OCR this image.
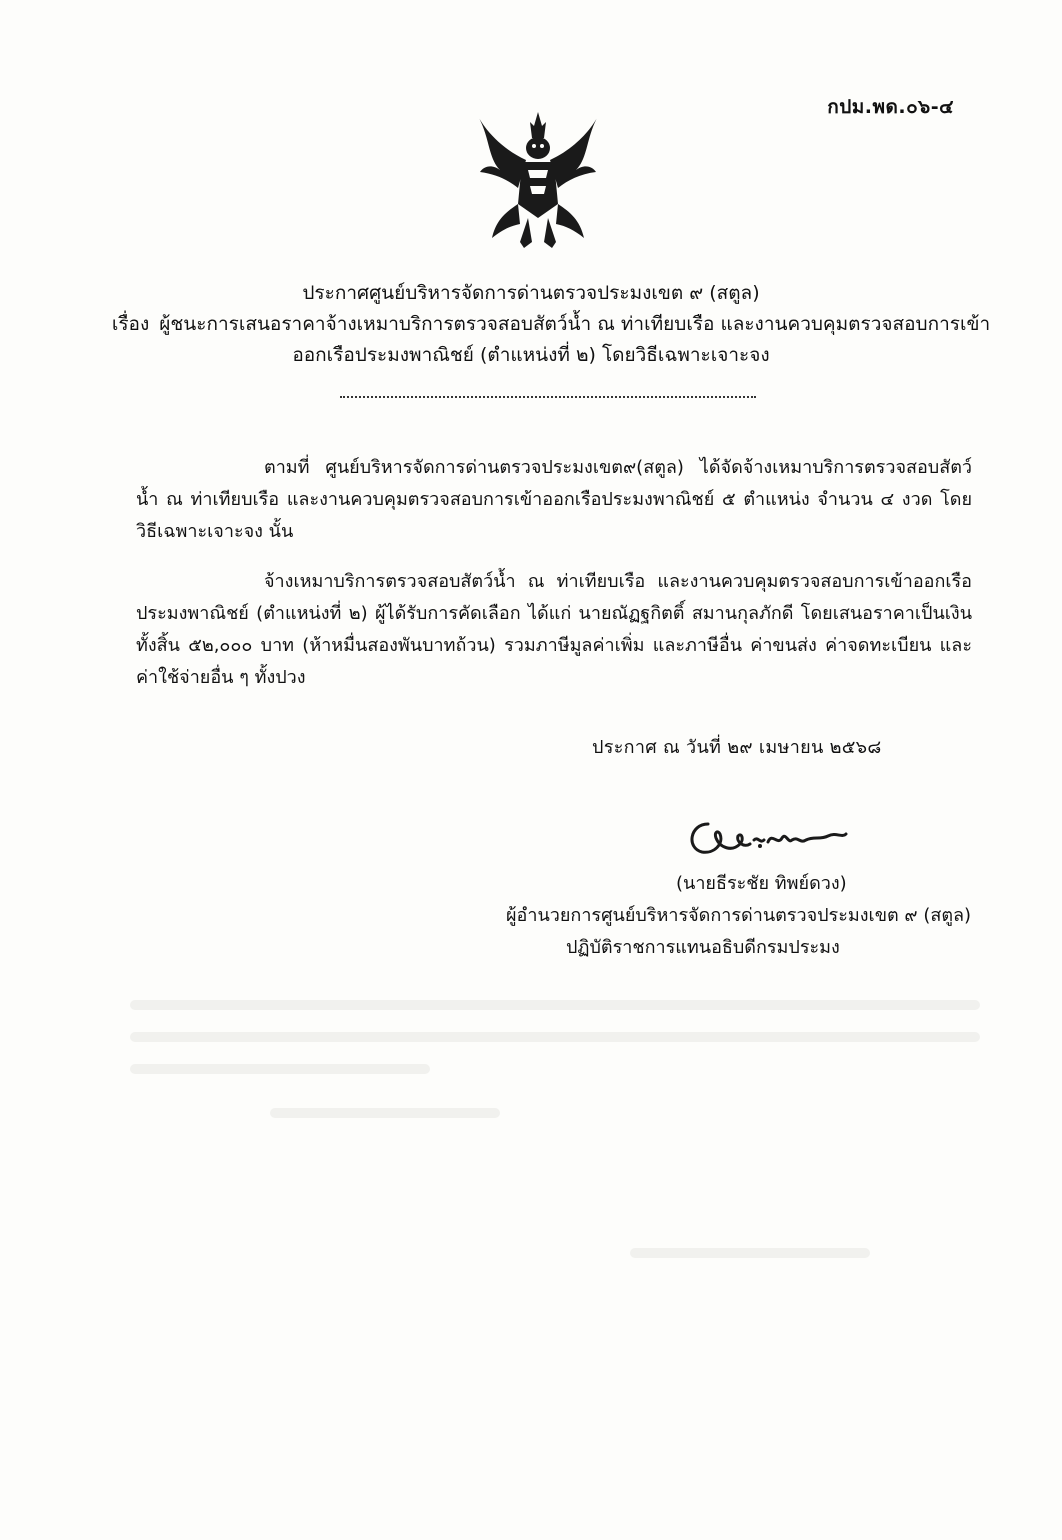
กปม.พด.๐๖-๔
ประกาศศูนย์บริหารจัดการด่านตรวจประมงเขต ๙ (สตูล)
เรื่อง ผู้ชนะการเสนอราคาจ้างเหมาบริการตรวจสอบสัตว์น้ำ ณ ท่าเทียบเรือ และงานควบคุมตรวจสอบการเข้า
ออกเรือประมงพาณิชย์ (ตำแหน่งที่ ๒) โดยวิธีเฉพาะเจาะจง
ตามที่ ศูนย์บริหารจัดการด่านตรวจประมงเขต๙(สตูล) ได้จัดจ้างเหมาบริการตรวจสอบสัตว์น้ำ ณ ท่าเทียบเรือ และงานควบคุมตรวจสอบการเข้าออกเรือประมงพาณิชย์ ๕ ตำแหน่ง จำนวน ๔ งวด โดยวิธีเฉพาะเจาะจง นั้น
จ้างเหมาบริการตรวจสอบสัตว์น้ำ ณ ท่าเทียบเรือ และงานควบคุมตรวจสอบการเข้าออกเรือประมงพาณิชย์ (ตำแหน่งที่ ๒) ผู้ได้รับการคัดเลือก ได้แก่ นายณัฏฐกิตติ์ สมานกุลภักดี โดยเสนอราคาเป็นเงินทั้งสิ้น ๕๒,๐๐๐ บาท (ห้าหมื่นสองพันบาทถ้วน) รวมภาษีมูลค่าเพิ่ม และภาษีอื่น ค่าขนส่ง ค่าจดทะเบียน และค่าใช้จ่ายอื่น ๆ ทั้งปวง
ประกาศ ณ วันที่ ๒๙ เมษายน ๒๕๖๘
(นายธีระชัย ทิพย์ดวง)
ผู้อำนวยการศูนย์บริหารจัดการด่านตรวจประมงเขต ๙ (สตูล)
ปฏิบัติราชการแทนอธิบดีกรมประมง
